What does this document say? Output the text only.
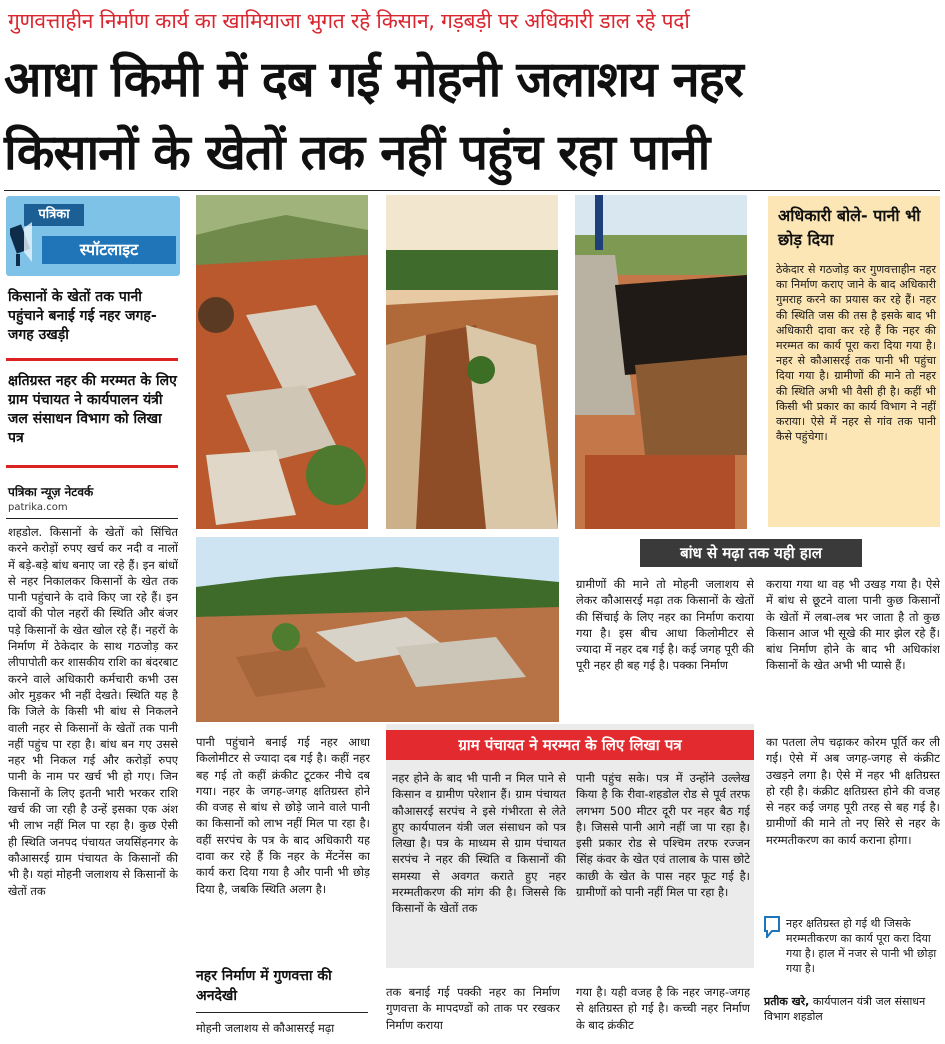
गुणवत्ताहीन निर्माण कार्य का खामियाजा भुगत रहे किसान, गड़बड़ी पर अधिकारी डाल रहे पर्दा
आधा किमी में दब गई मोहनी जलाशय नहर
किसानों के खेतों तक नहीं पहुंच रहा पानी
पत्रिका
स्पॉटलाइट
किसानों के खेतों तक पानी पहुंचाने बनाई गई नहर जगह-जगह उखड़ी
क्षतिग्रस्त नहर की मरम्मत के लिए ग्राम पंचायत ने कार्यपालन यंत्री जल संसाधन विभाग को लिखा पत्र
पत्रिका न्यूज़ नेटवर्क
patrika.com
शहडोल. किसानों के खेतों को सिंचित करने करोड़ों रुपए खर्च कर नदी व नालों में बड़े-बड़े बांध बनाए जा रहे हैं। इन बांधों से नहर निकालकर किसानों के खेत तक पानी पहुंचाने के दावे किए जा रहे हैं। इन दावों की पोल नहरों की स्थिति और बंजर पड़े किसानों के खेत खोल रहे हैं। नहरों के निर्माण में ठेकेदार के साथ गठजोड़ कर लीपापोती कर शासकीय राशि का बंदरबाट करने वाले अधिकारी कर्मचारी कभी उस ओर मुड़कर भी नहीं देखते। स्थिति यह है कि जिले के किसी भी बांध से निकलने वाली नहर से किसानों के खेतों तक पानी नहीं पहुंच पा रहा है। बांध बन गए उससे नहर भी निकल गई और करोड़ों रुपए पानी के नाम पर खर्च भी हो गए। जिन किसानों के लिए इतनी भारी भरकर राशि खर्च की जा रही है उन्हें इसका एक अंश भी लाभ नहीं मिल पा रहा है। कुछ ऐसी ही स्थिति जनपद पंचायत जयसिंहनगर के कौआसरई ग्राम पंचायत के किसानों की भी है। यहां मोहनी जलाशय से किसानों के खेतों तक
अधिकारी बोले- पानी भी छोड़ दिया
ठेकेदार से गठजोड़ कर गुणवत्ताहीन नहर का निर्माण कराए जाने के बाद अधिकारी गुमराह करने का प्रयास कर रहे हैं। नहर की स्थिति जस की तस है इसके बाद भी अधिकारी दावा कर रहे हैं कि नहर की मरम्मत का कार्य पूरा करा दिया गया है। नहर से कौआसरई तक पानी भी पहुंचा दिया गया है। ग्रामीणों की माने तो नहर की स्थिति अभी भी वैसी ही है। कहीं भी किसी भी प्रकार का कार्य विभाग ने नहीं कराया। ऐसे में नहर से गांव तक पानी कैसे पहुंचेगा।
पानी पहुंचाने बनाई गई नहर आधा किलोमीटर से ज्यादा दब गई है। कहीं नहर बह गई तो कहीं क्रंकीट टूटकर नीचे दब गया। नहर के जगह-जगह क्षतिग्रस्त होने की वजह से बांध से छोड़े जाने वाले पानी का किसानों को लाभ नहीं मिल पा रहा है। वहीं सरपंच के पत्र के बाद अधिकारी यह दावा कर रहे हैं कि नहर के मेंटनेंस का कार्य करा दिया गया है और पानी भी छोड़ दिया है, जबकि स्थिति अलग है।
नहर निर्माण में गुणवत्ता की अनदेखी
मोहनी जलाशय से कौआसरई मढ़ा
बांध से मढ़ा तक यही हाल
ग्रामीणों की माने तो मोहनी जलाशय से लेकर कौआसरई मढ़ा तक किसानों के खेतों की सिंचाई के लिए नहर का निर्माण कराया गया है। इस बीच आधा किलोमीटर से ज्यादा में नहर दब गई है। कई जगह पूरी की पूरी नहर ही बह गई है। पक्का निर्माण
कराया गया था वह भी उखड़ गया है। ऐसे में बांध से छूटने वाला पानी कुछ किसानों के खेतों में लबा-लब भर जाता है तो कुछ किसान आज भी सूखे की मार झेल रहे हैं। बांध निर्माण होने के बाद भी अधिकांश किसानों के खेत अभी भी प्यासे हैं।
ग्राम पंचायत ने मरम्मत के लिए लिखा पत्र
नहर होने के बाद भी पानी न मिल पाने से किसान व ग्रामीण परेशान हैं। ग्राम पंचायत कौआसरई सरपंच ने इसे गंभीरता से लेते हुए कार्यपालन यंत्री जल संसाधन को पत्र लिखा है। पत्र के माध्यम से ग्राम पंचायत सरपंच ने नहर की स्थिति व किसानों की समस्या से अवगत कराते हुए नहर मरम्मतीकरण की मांग की है। जिससे कि किसानों के खेतों तक
पानी पहुंच सके। पत्र में उन्होंने उल्लेख किया है कि रीवा-शहडोल रोड से पूर्व तरफ लगभग 500 मीटर दूरी पर नहर बैठ गई है। जिससे पानी आगे नहीं जा पा रहा है। इसी प्रकार रोड से पश्चिम तरफ रज्जन सिंह कंवर के खेत एवं तालाब के पास छोटे काछी के खेत के पास नहर फूट गई है। ग्रामीणों को पानी नहीं मिल पा रहा है।
तक बनाई गई पक्की नहर का निर्माण गुणवत्ता के मापदण्डों को ताक पर रखकर निर्माण कराया
गया है। यही वजह है कि नहर जगह-जगह से क्षतिग्रस्त हो गई है। कच्ची नहर निर्माण के बाद क्रंकीट
का पतला लेप चढ़ाकर कोरम पूर्ति कर ली गई। ऐसे में अब जगह-जगह से कंक्रीट उखड़ने लगा है। ऐसे में नहर भी क्षतिग्रस्त हो रही है। कंक्रीट क्षतिग्रस्त होने की वजह से नहर कई जगह पूरी तरह से बह गई है। ग्रामीणों की माने तो नए सिरे से नहर के मरम्मतीकरण का कार्य कराना होगा।
नहर क्षतिग्रस्त हो गई थी जिसके मरम्मतीकरण का कार्य पूरा करा दिया गया है। हाल में नजर से पानी भी छोड़ा गया है।
प्रतीक खरे, कार्यपालन यंत्री जल संसाधन विभाग शहडोल
